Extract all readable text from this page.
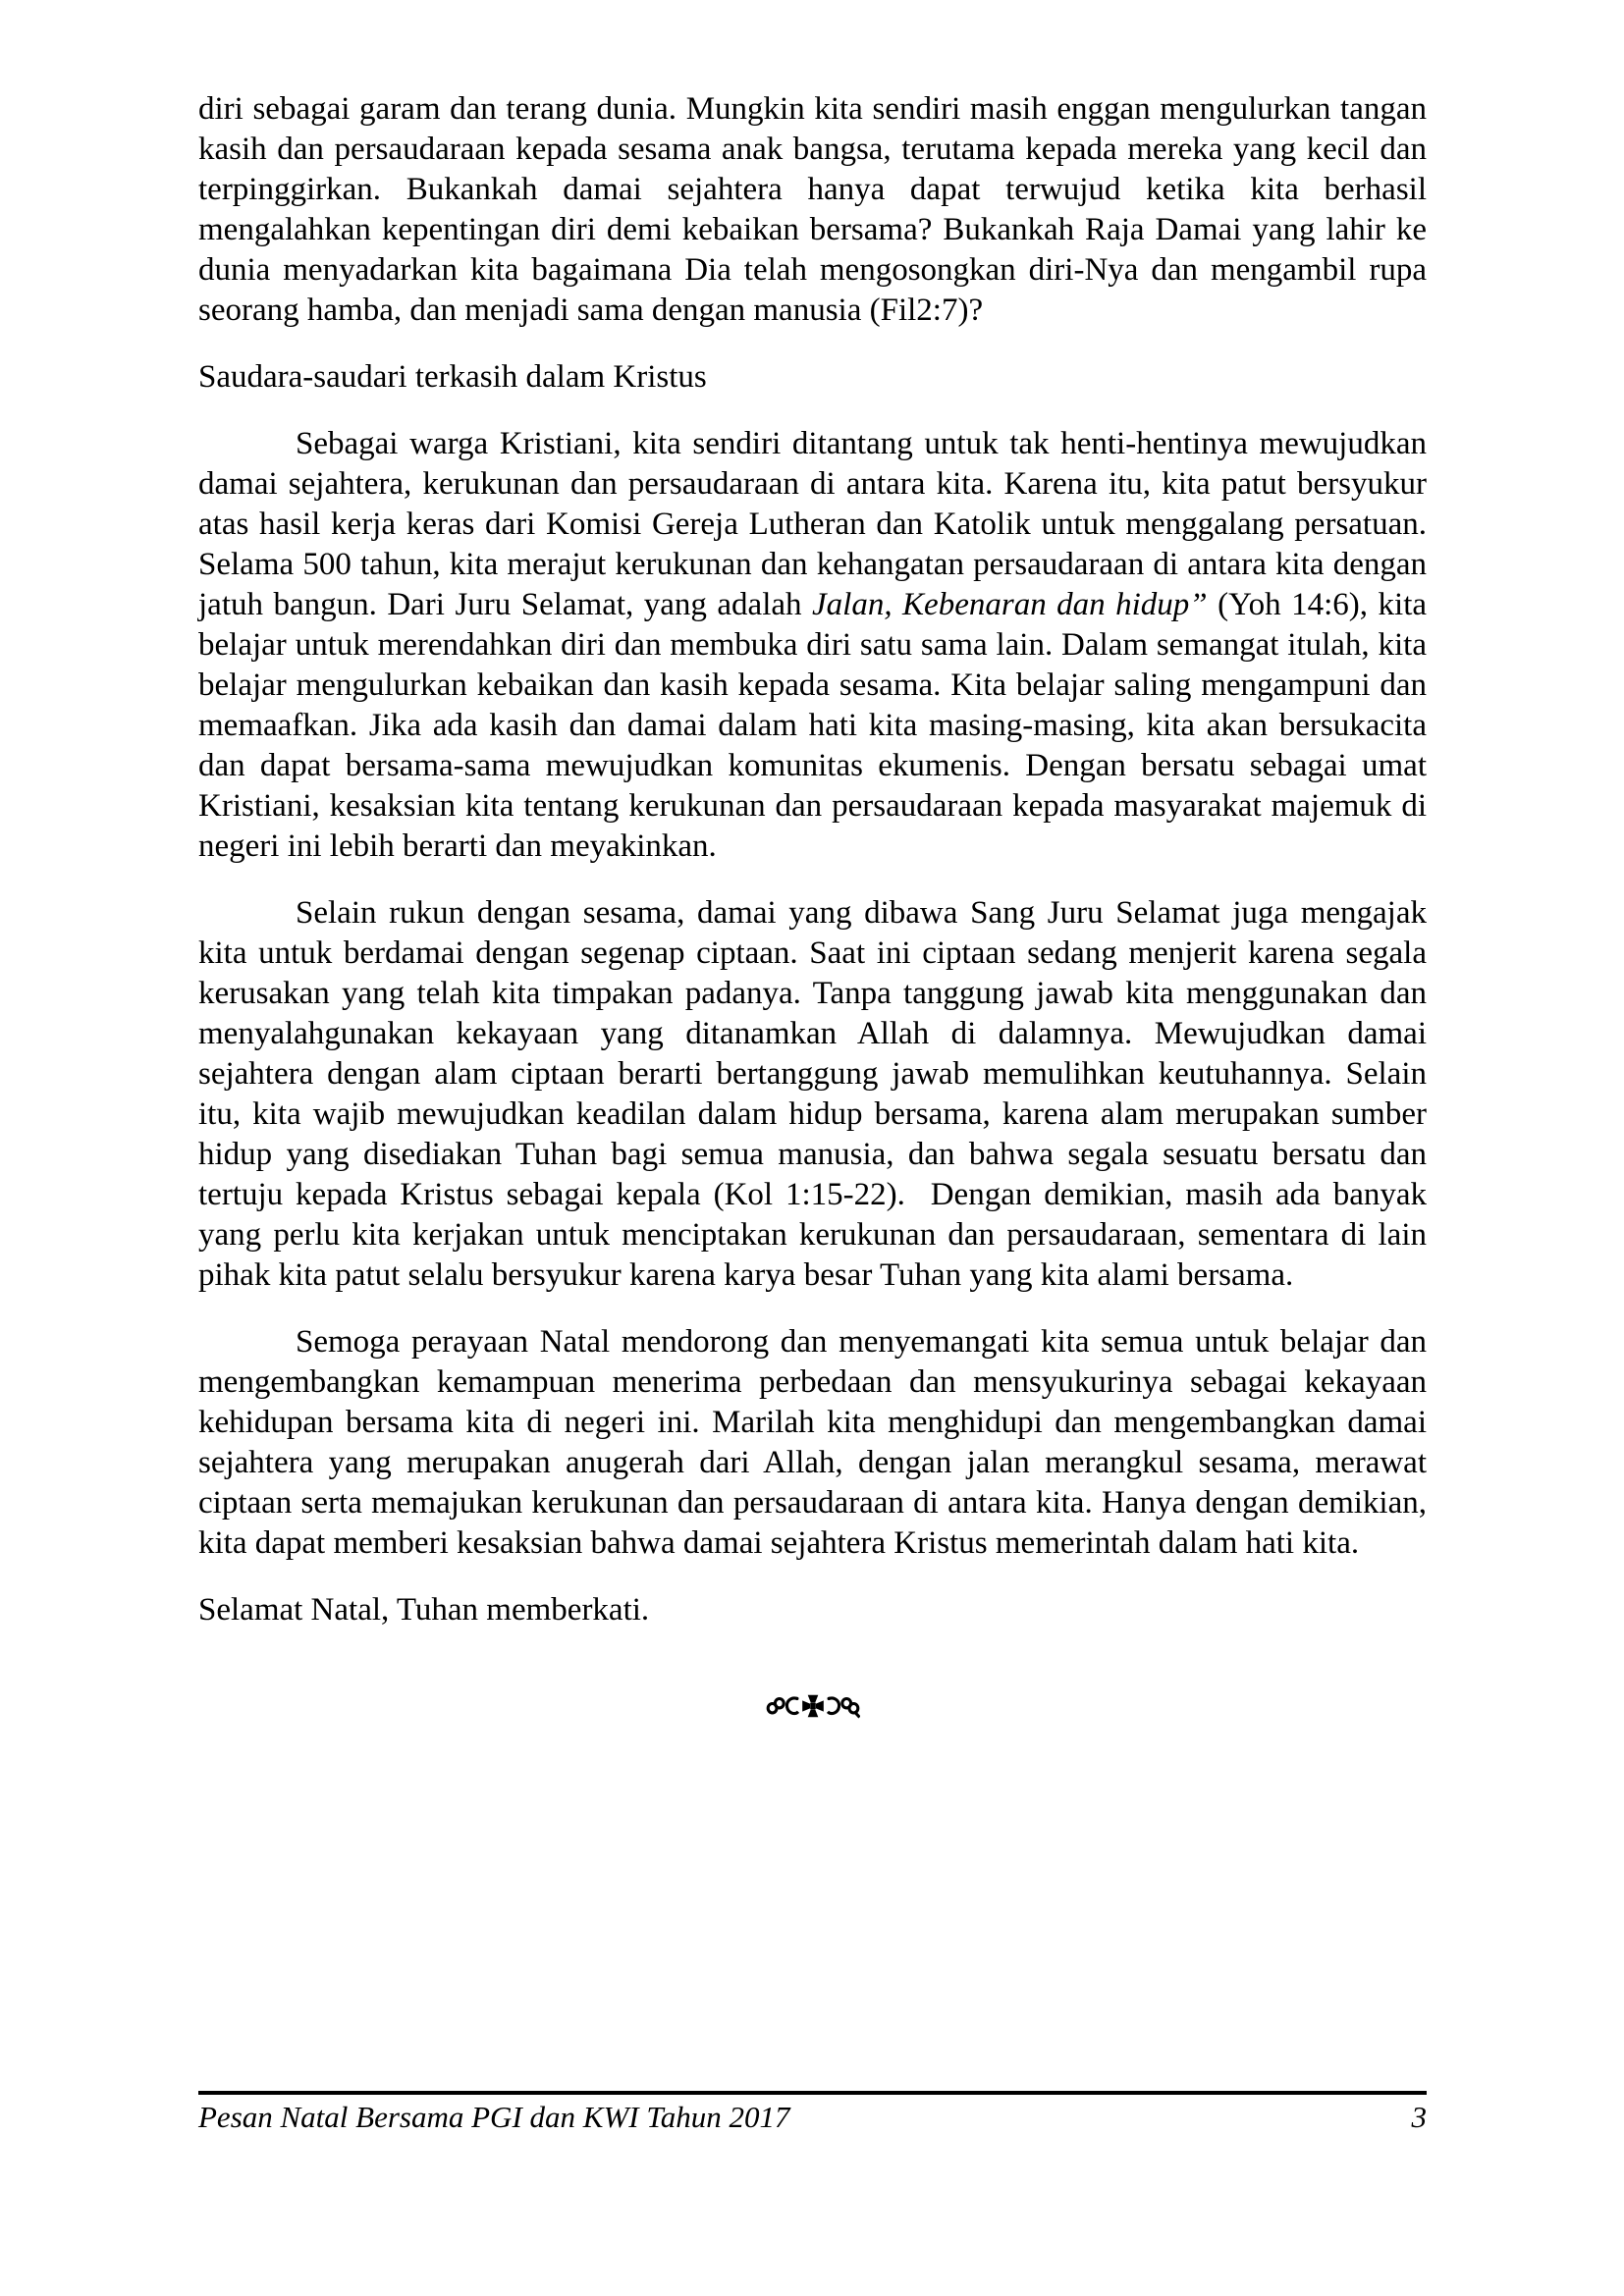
diri sebagai garam dan terang dunia. Mungkin kita sendiri masih enggan mengulurkan tangan kasih dan persaudaraan kepada sesama anak bangsa, terutama kepada mereka yang kecil dan terpinggirkan. Bukankah damai sejahtera hanya dapat terwujud ketika kita berhasil mengalahkan kepentingan diri demi kebaikan bersama? Bukankah Raja Damai yang lahir ke dunia menyadarkan kita bagaimana Dia telah mengosongkan diri-Nya dan mengambil rupa seorang hamba, dan menjadi sama dengan manusia (Fil2:7)?

Saudara-saudari terkasih dalam Kristus

Sebagai warga Kristiani, kita sendiri ditantang untuk tak henti-hentinya mewujudkan damai sejahtera, kerukunan dan persaudaraan di antara kita. Karena itu, kita patut bersyukur atas hasil kerja keras dari Komisi Gereja Lutheran dan Katolik untuk menggalang persatuan. Selama 500 tahun, kita merajut kerukunan dan kehangatan persaudaraan di antara kita dengan jatuh bangun. Dari Juru Selamat, yang adalah Jalan, Kebenaran dan hidup” (Yoh 14:6), kita belajar untuk merendahkan diri dan membuka diri satu sama lain. Dalam semangat itulah, kita belajar mengulurkan kebaikan dan kasih kepada sesama. Kita belajar saling mengampuni dan memaafkan. Jika ada kasih dan damai dalam hati kita masing-masing, kita akan bersukacita dan dapat bersama-sama mewujudkan komunitas ekumenis. Dengan bersatu sebagai umat Kristiani, kesaksian kita tentang kerukunan dan persaudaraan kepada masyarakat majemuk di negeri ini lebih berarti dan meyakinkan.

Selain rukun dengan sesama, damai yang dibawa Sang Juru Selamat juga mengajak kita untuk berdamai dengan segenap ciptaan. Saat ini ciptaan sedang menjerit karena segala kerusakan yang telah kita timpakan padanya. Tanpa tanggung jawab kita menggunakan dan menyalahgunakan kekayaan yang ditanamkan Allah di dalamnya. Mewujudkan damai sejahtera dengan alam ciptaan berarti bertanggung jawab memulihkan keutuhannya. Selain itu, kita wajib mewujudkan keadilan dalam hidup bersama, karena alam merupakan sumber hidup yang disediakan Tuhan bagi semua manusia, dan bahwa segala sesuatu bersatu dan tertuju kepada Kristus sebagai kepala (Kol 1:15-22).  Dengan demikian, masih ada banyak yang perlu kita kerjakan untuk menciptakan kerukunan dan persaudaraan, sementara di lain pihak kita patut selalu bersyukur karena karya besar Tuhan yang kita alami bersama.

Semoga perayaan Natal mendorong dan menyemangati kita semua untuk belajar dan mengembangkan kemampuan menerima perbedaan dan mensyukurinya sebagai kekayaan kehidupan bersama kita di negeri ini. Marilah kita menghidupi dan mengembangkan damai sejahtera yang merupakan anugerah dari Allah, dengan jalan merangkul sesama, merawat ciptaan serta memajukan kerukunan dan persaudaraan di antara kita. Hanya dengan demikian, kita dapat memberi kesaksian bahwa damai sejahtera Kristus memerintah dalam hati kita.

Selamat Natal, Tuhan memberkati.

Pesan Natal Bersama PGI dan KWI Tahun 2017	3
